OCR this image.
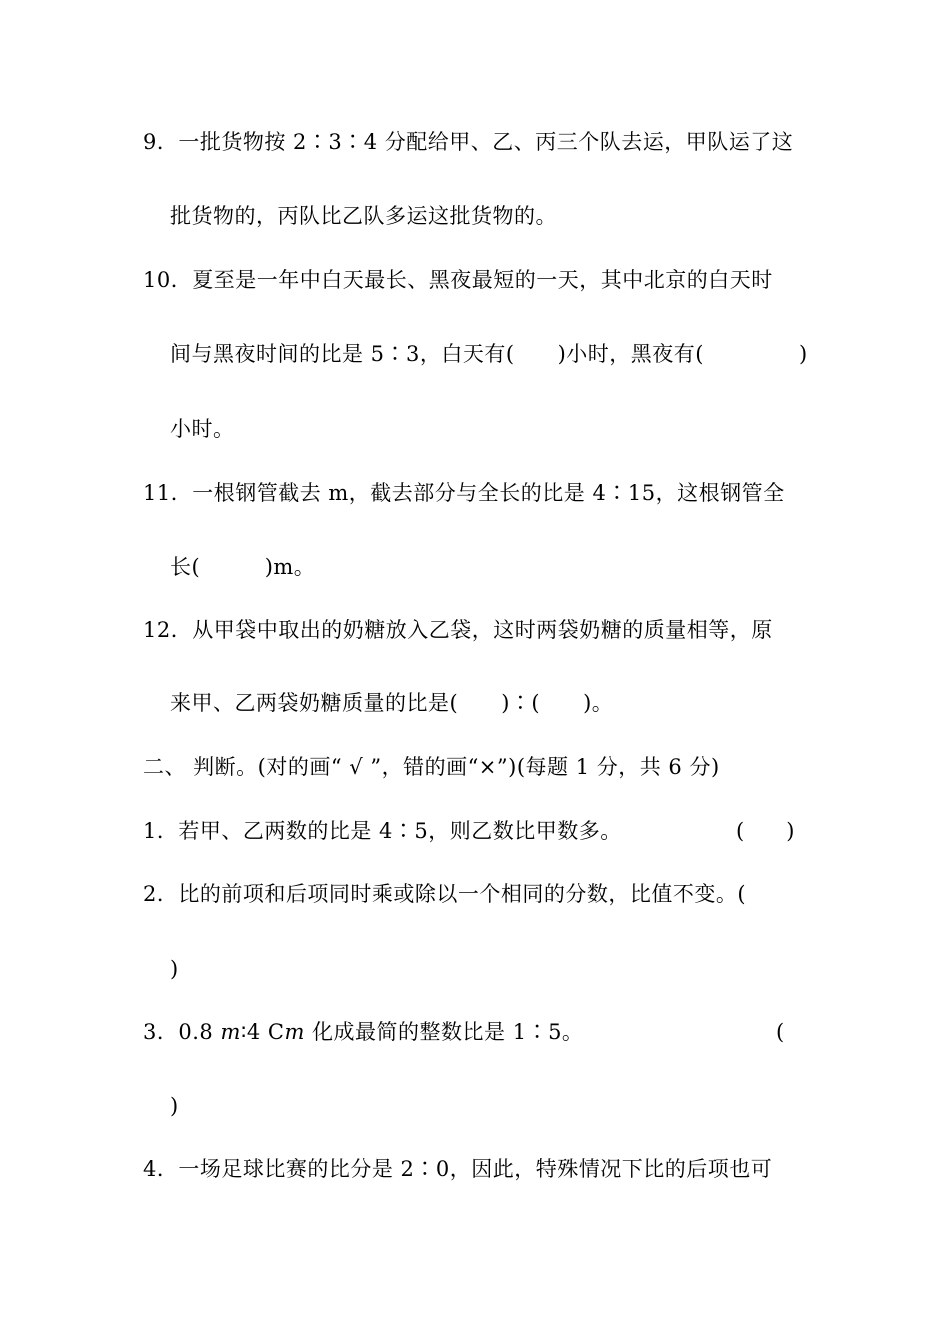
9．一批货物按 2∶3∶4 分配给甲、乙、丙三个队去运，甲队运了这
批货物的，丙队比乙队多运这批货物的。
10．夏至是一年中白天最长、黑夜最短的一天，其中北京的白天时
间与黑夜时间的比是 5∶3，白天有(　　)小时，黑夜有(	)
小时。
11．一根钢管截去 m，截去部分与全长的比是 4∶15，这根钢管全
长(　　　)m。
12．从甲袋中取出的奶糖放入乙袋，这时两袋奶糖的质量相等，原
来甲、乙两袋奶糖质量的比是(　　)∶(　　)。
二、 判断。(对的画“ √ ”，错的画“×”)(每题 1 分，共 6 分)
1．若甲、乙两数的比是 4∶5，则乙数比甲数多。	(　　)
2．比的前项和后项同时乘或除以一个相同的分数，比值不变。(
)
3．0.8 m∶4 Cm 化成最简的整数比是 1∶5。	(
)
4．一场足球比赛的比分是 2∶0，因此，特殊情况下比的后项也可
